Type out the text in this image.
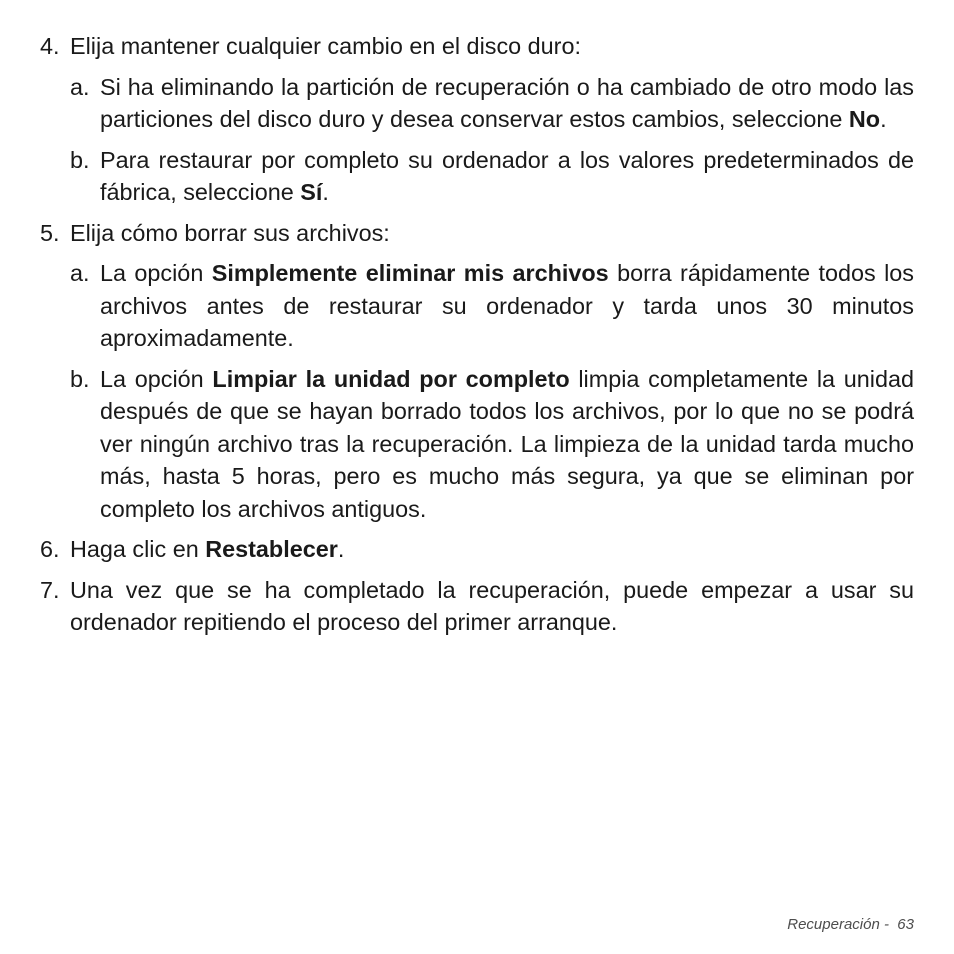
4. Elija mantener cualquier cambio en el disco duro:
a. Si ha eliminando la partición de recuperación o ha cambiado de otro modo las particiones del disco duro y desea conservar estos cambios, seleccione No.
b. Para restaurar por completo su ordenador a los valores predeterminados de fábrica, seleccione Sí.
5. Elija cómo borrar sus archivos:
a. La opción Simplemente eliminar mis archivos borra rápidamente todos los archivos antes de restaurar su ordenador y tarda unos 30 minutos aproximadamente.
b. La opción Limpiar la unidad por completo limpia completamente la unidad después de que se hayan borrado todos los archivos, por lo que no se podrá ver ningún archivo tras la recuperación. La limpieza de la unidad tarda mucho más, hasta 5 horas, pero es mucho más segura, ya que se eliminan por completo los archivos antiguos.
6. Haga clic en Restablecer.
7. Una vez que se ha completado la recuperación, puede empezar a usar su ordenador repitiendo el proceso del primer arranque.
Recuperación -  63
